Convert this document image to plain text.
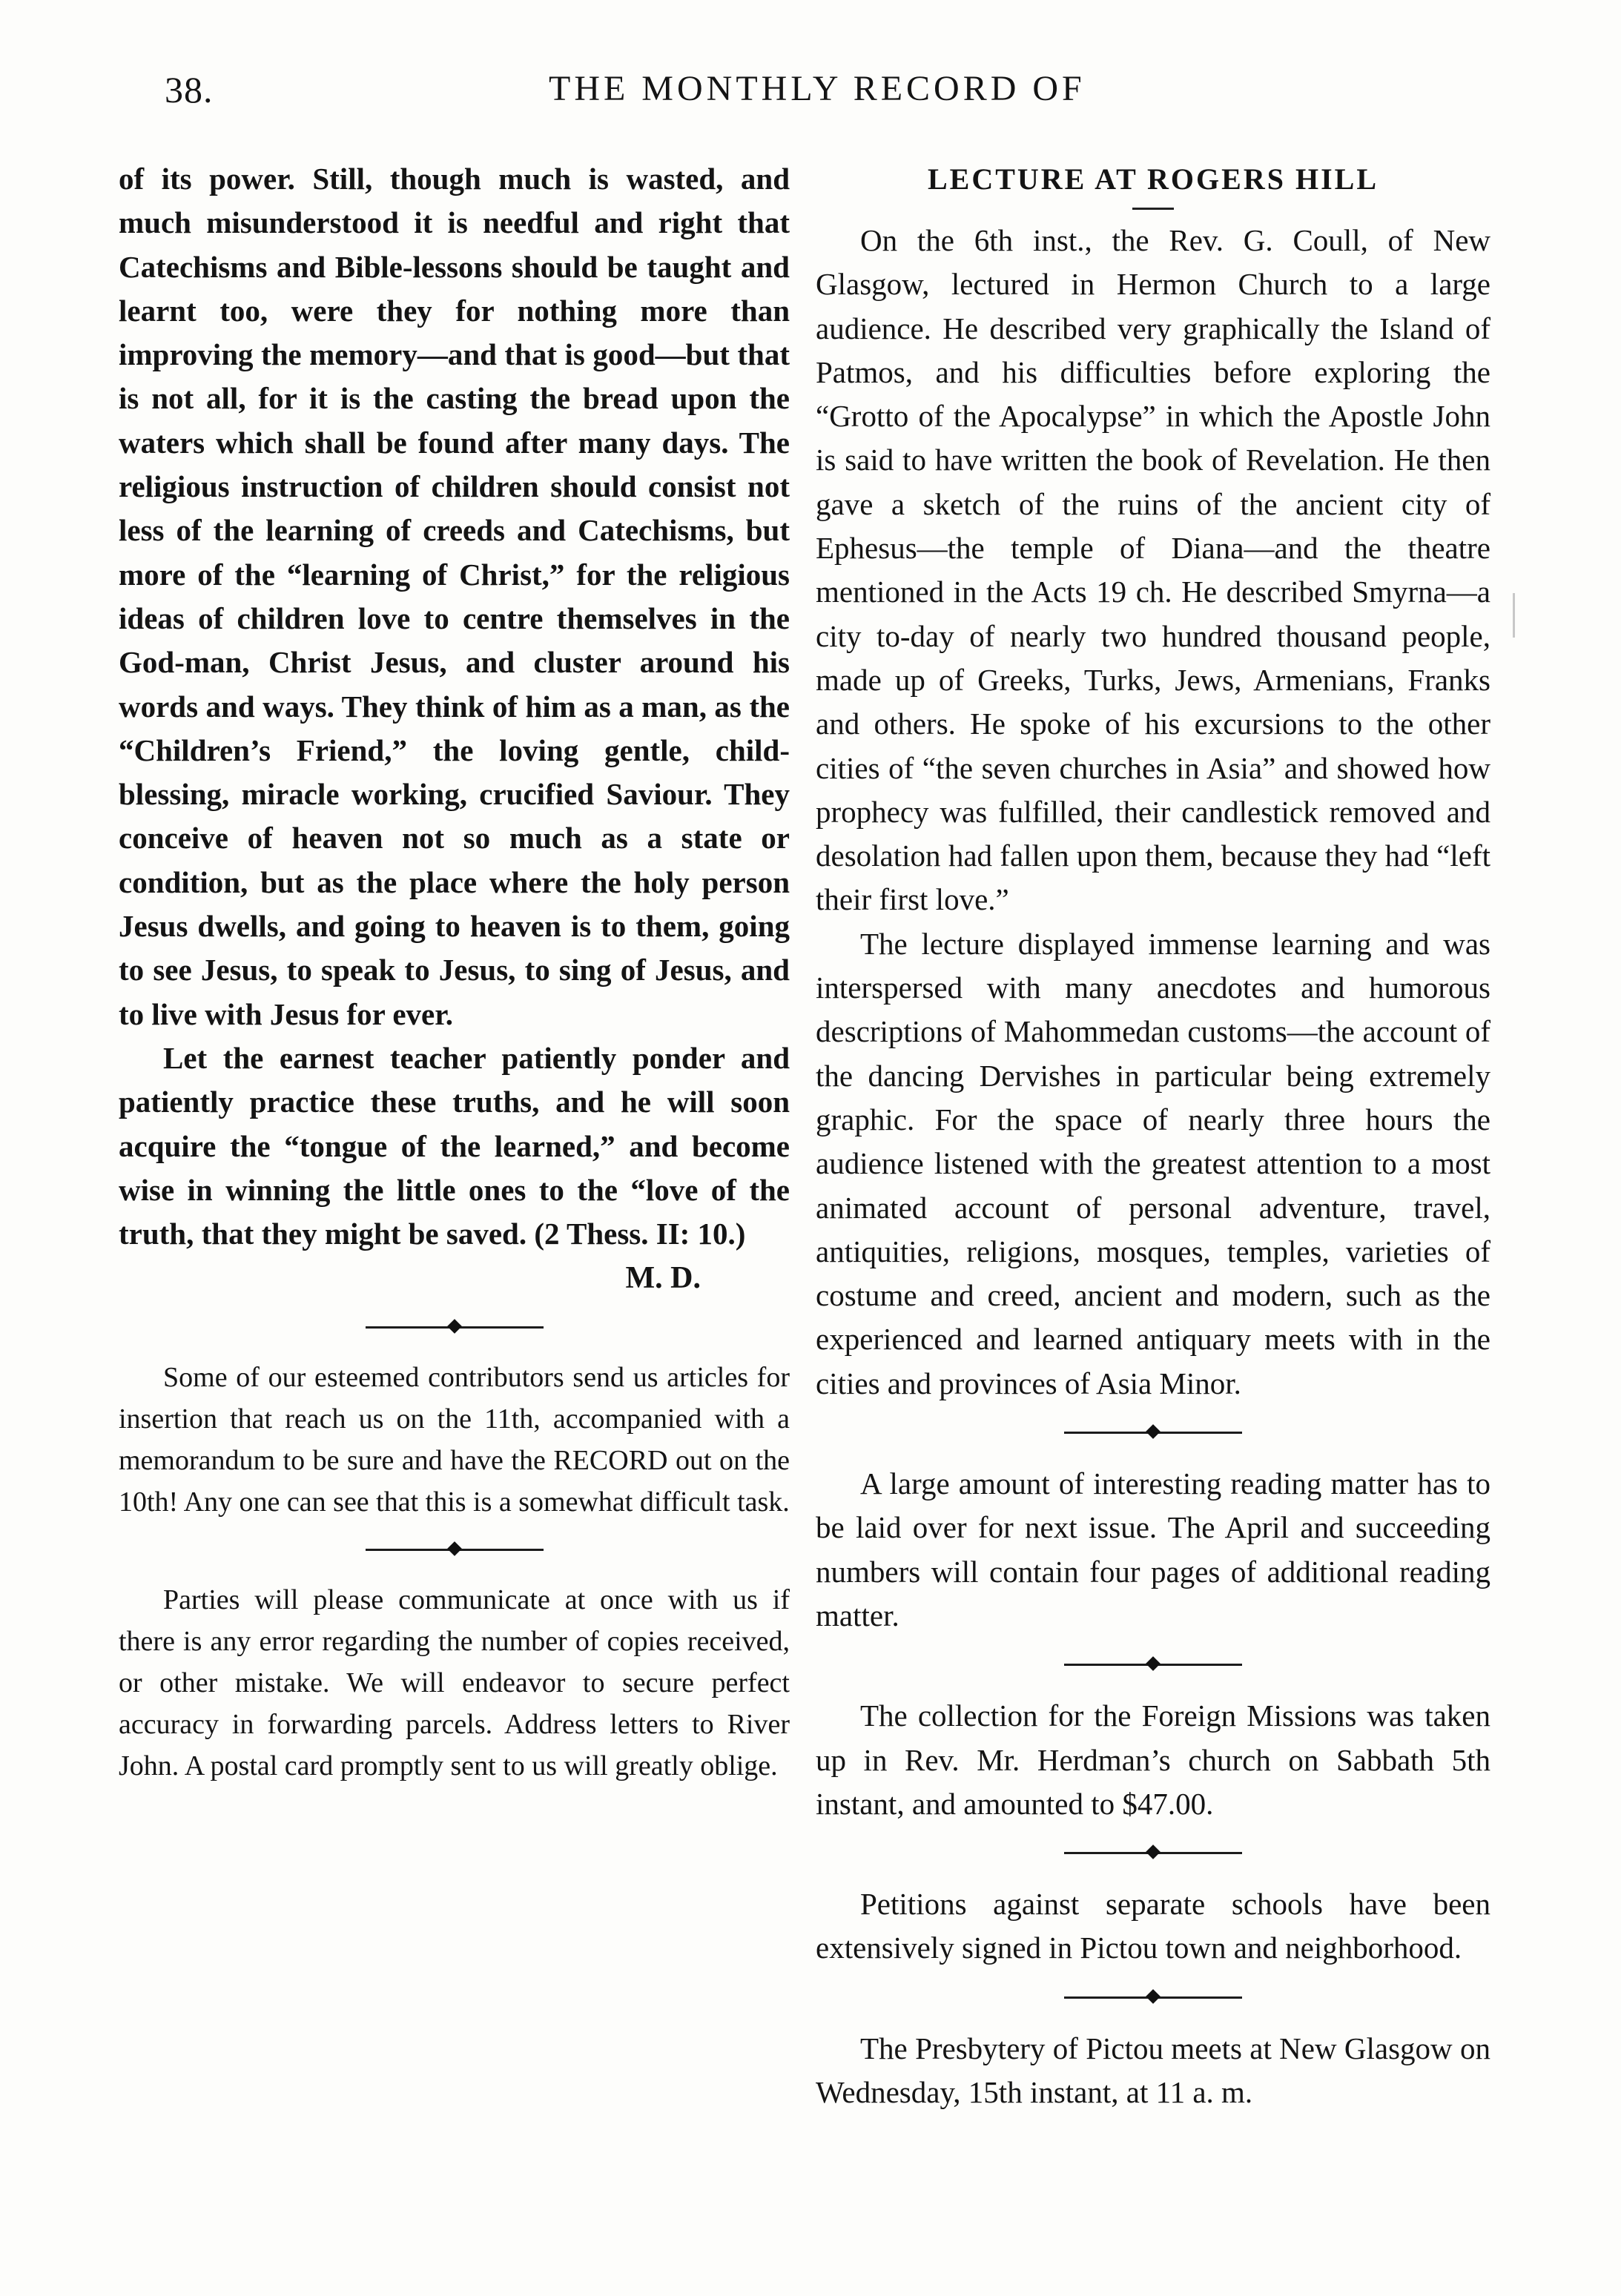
38.	THE MONTHLY RECORD OF

of its power. Still, though much is wasted, and much misunderstood it is needful and right that Catechisms and Bible-lessons should be taught and learnt too, were they for nothing more than improving the memory—and that is good—but that is not all, for it is the casting the bread upon the waters which shall be found after many days. The religious instruction of children should consist not less of the learning of creeds and Catechisms, but more of the “learning of Christ,” for the religious ideas of children love to centre themselves in the God-man, Christ Jesus, and cluster around his words and ways. They think of him as a man, as the “Children’s Friend,” the loving gentle, child-blessing, miracle working, crucified Saviour. They conceive of heaven not so much as a state or condition, but as the place where the holy person Jesus dwells, and going to heaven is to them, going to see Jesus, to speak to Jesus, to sing of Jesus, and to live with Jesus for ever.

Let the earnest teacher patiently ponder and patiently practice these truths, and he will soon acquire the “tongue of the learned,” and become wise in winning the little ones to the “love of the truth, that they might be saved. (2 Thess. II: 10.)

M. D.

Some of our esteemed contributors send us articles for insertion that reach us on the 11th, accompanied with a memorandum to be sure and have the RECORD out on the 10th! Any one can see that this is a somewhat difficult task.

Parties will please communicate at once with us if there is any error regarding the number of copies received, or other mistake. We will endeavor to secure perfect accuracy in forwarding parcels. Address letters to River John. A postal card promptly sent to us will greatly oblige.

LECTURE AT ROGERS HILL

On the 6th inst., the Rev. G. Coull, of New Glasgow, lectured in Hermon Church to a large audience. He described very graphically the Island of Patmos, and his difficulties before exploring the “Grotto of the Apocalypse” in which the Apostle John is said to have written the book of Revelation. He then gave a sketch of the ruins of the ancient city of Ephesus—the temple of Diana—and the theatre mentioned in the Acts 19 ch. He described Smyrna—a city to-day of nearly two hundred thousand people, made up of Greeks, Turks, Jews, Armenians, Franks and others. He spoke of his excursions to the other cities of “the seven churches in Asia” and showed how prophecy was fulfilled, their candlestick removed and desolation had fallen upon them, because they had “left their first love.”

The lecture displayed immense learning and was interspersed with many anecdotes and humorous descriptions of Mahommedan customs—the account of the dancing Dervishes in particular being extremely graphic. For the space of nearly three hours the audience listened with the greatest attention to a most animated account of personal adventure, travel, antiquities, religions, mosques, temples, varieties of costume and creed, ancient and modern, such as the experienced and learned antiquary meets with in the cities and provinces of Asia Minor.

A large amount of interesting reading matter has to be laid over for next issue. The April and succeeding numbers will contain four pages of additional reading matter.

The collection for the Foreign Missions was taken up in Rev. Mr. Herdman’s church on Sabbath 5th instant, and amounted to $47.00.

Petitions against separate schools have been extensively signed in Pictou town and neighborhood.

The Presbytery of Pictou meets at New Glasgow on Wednesday, 15th instant, at 11 a. m.
